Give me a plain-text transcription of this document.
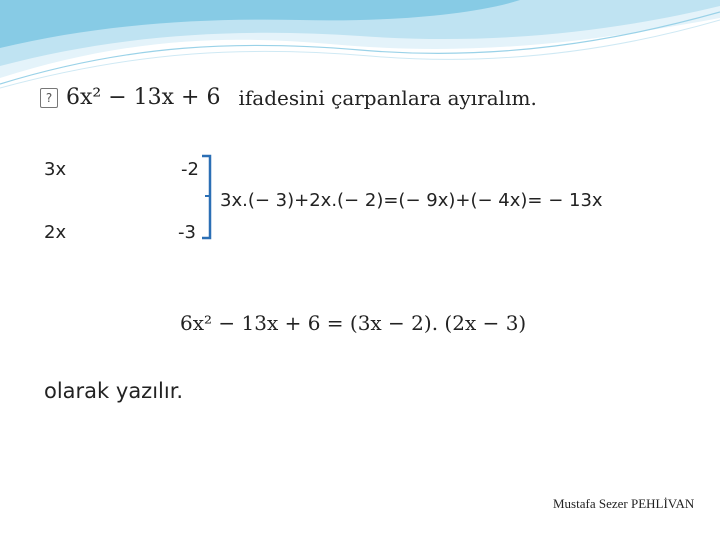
? 6x² − 13x + 6 ifadesini çarpanlara ayıralım.
3x	-2
2x	-3
3x.(− 3)+2x.(− 2)=(− 9x)+(− 4x)= − 13x
6x² − 13x + 6 = (3x − 2). (2x − 3)
olarak yazılır.
Mustafa Sezer PEHLİVAN
